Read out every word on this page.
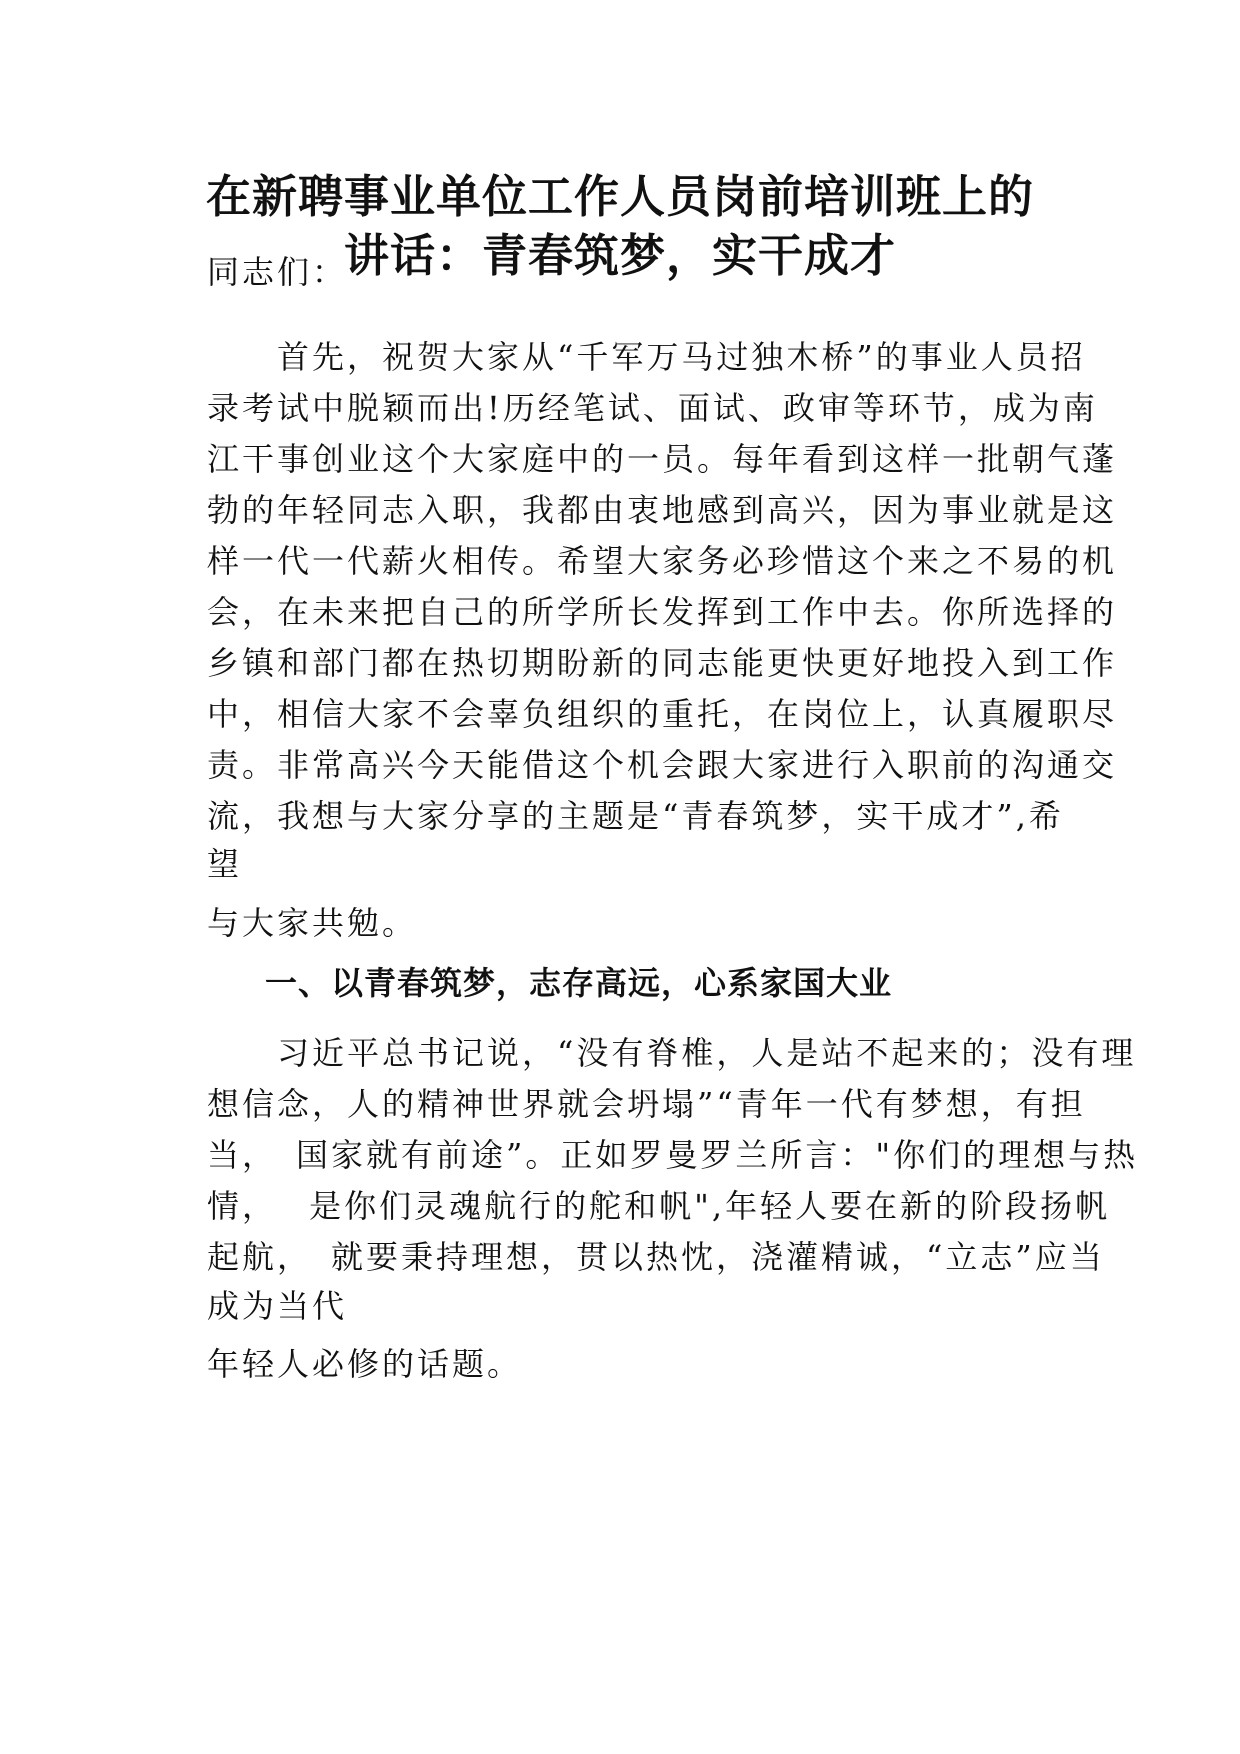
在新聘事业单位工作人员岗前培训班上的
讲话：青春筑梦，实干成才
同志们：
　　首先，祝贺大家从“千军万马过独木桥”的事业人员招
录考试中脱颖而出!历经笔试、面试、政审等环节，成为南
江干事创业这个大家庭中的一员。每年看到这样一批朝气蓬
勃的年轻同志入职，我都由衷地感到高兴，因为事业就是这
样一代一代薪火相传。希望大家务必珍惜这个来之不易的机
会，在未来把自己的所学所长发挥到工作中去。你所选择的
乡镇和部门都在热切期盼新的同志能更快更好地投入到工作
中，相信大家不会辜负组织的重托，在岗位上，认真履职尽
责。非常高兴今天能借这个机会跟大家进行入职前的沟通交
流，我想与大家分享的主题是“青春筑梦，实干成才”,希
望
与大家共勉。
一、以青春筑梦，志存高远，心系家国大业
　　习近平总书记说，“没有脊椎，人是站不起来的；没有理
想信念，人的精神世界就会坍塌”“青年一代有梦想，有担
当，　国家就有前途”。正如罗曼罗兰所言："你们的理想与热
情，　 是你们灵魂航行的舵和帆",年轻人要在新的阶段扬帆
起航，　就要秉持理想，贯以热忱，浇灌精诚，“立志”应当
成为当代
年轻人必修的话题。
